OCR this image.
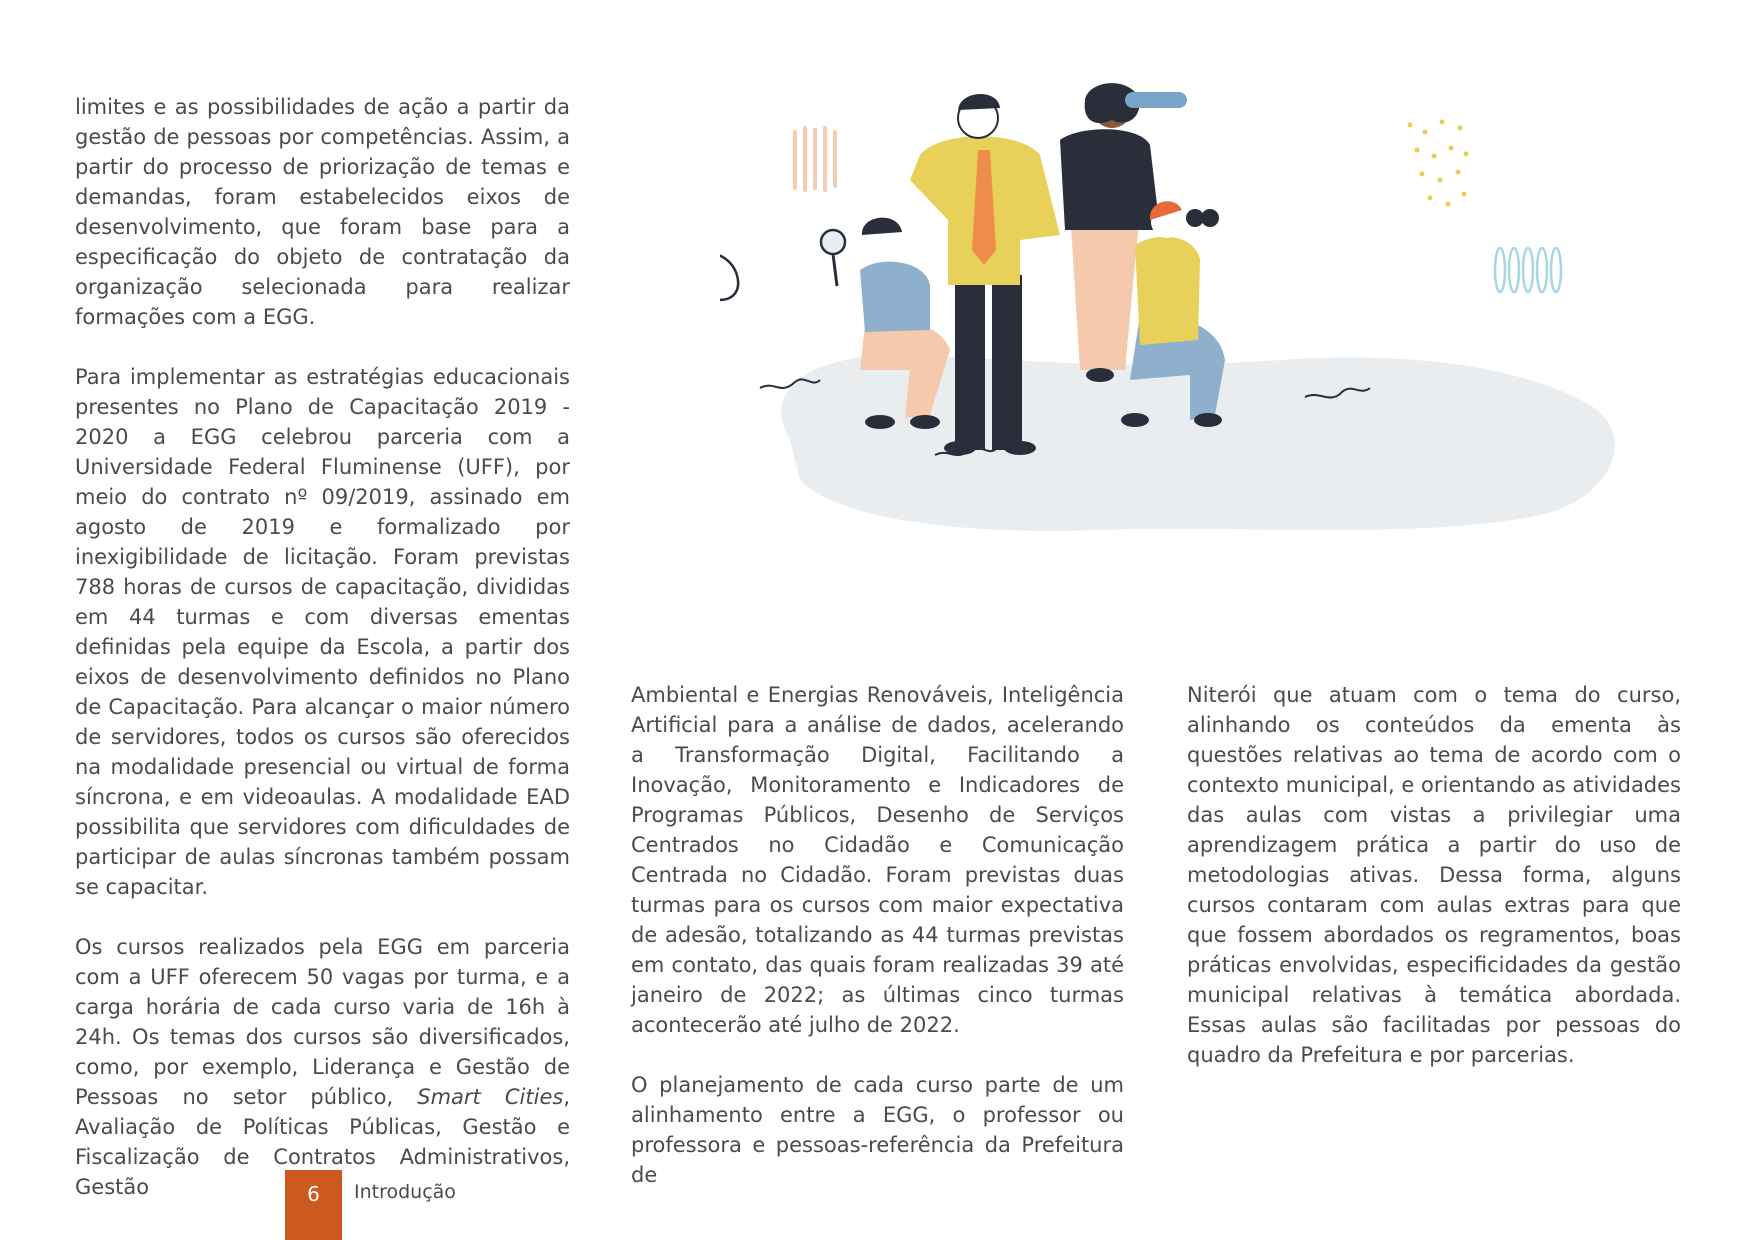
limites e as possibilidades de ação a partir da gestão de pessoas por competências. Assim, a partir do processo de priorização de temas e demandas, foram estabelecidos eixos de desenvolvimento, que foram base para a especificação do objeto de contratação da organização selecionada para realizar formações com a EGG.

Para implementar as estratégias educacionais presentes no Plano de Capacitação 2019 - 2020 a EGG celebrou parceria com a Universidade Federal Fluminense (UFF), por meio do contrato nº 09/2019, assinado em agosto de 2019 e formalizado por inexigibilidade de licitação. Foram previstas 788 horas de cursos de capacitação, divididas em 44 turmas e com diversas ementas definidas pela equipe da Escola, a partir dos eixos de desenvolvimento definidos no Plano de Capacitação. Para alcançar o maior número de servidores, todos os cursos são oferecidos na modalidade presencial ou virtual de forma síncrona, e em videoaulas. A modalidade EAD possibilita que servidores com dificuldades de participar de aulas síncronas também possam se capacitar.

Os cursos realizados pela EGG em parceria com a UFF oferecem 50 vagas por turma, e a carga horária de cada curso varia de 16h à 24h. Os temas dos cursos são diversificados, como, por exemplo, Liderança e Gestão de Pessoas no setor público, Smart Cities, Avaliação de Políticas Públicas, Gestão e Fiscalização de Contratos Administrativos, Gestão

Ambiental e Energias Renováveis, Inteligência Artificial para a análise de dados, acelerando a Transformação Digital, Facilitando a Inovação, Monitoramento e Indicadores de Programas Públicos, Desenho de Serviços Centrados no Cidadão e Comunicação Centrada no Cidadão. Foram previstas duas turmas para os cursos com maior expectativa de adesão, totalizando as 44 turmas previstas em contato, das quais foram realizadas 39 até janeiro de 2022; as últimas cinco turmas acontecerão até julho de 2022.

O planejamento de cada curso parte de um alinhamento entre a EGG, o professor ou professora e pessoas-referência da Prefeitura de

Niterói que atuam com o tema do curso, alinhando os conteúdos da ementa às questões relativas ao tema de acordo com o contexto municipal, e orientando as atividades das aulas com vistas a privilegiar uma aprendizagem prática a partir do uso de metodologias ativas. Dessa forma, alguns cursos contaram com aulas extras para que que fossem abordados os regramentos, boas práticas envolvidas, especificidades da gestão municipal relativas à temática abordada. Essas aulas são facilitadas por pessoas do quadro da Prefeitura e por parcerias.

6	Introdução
